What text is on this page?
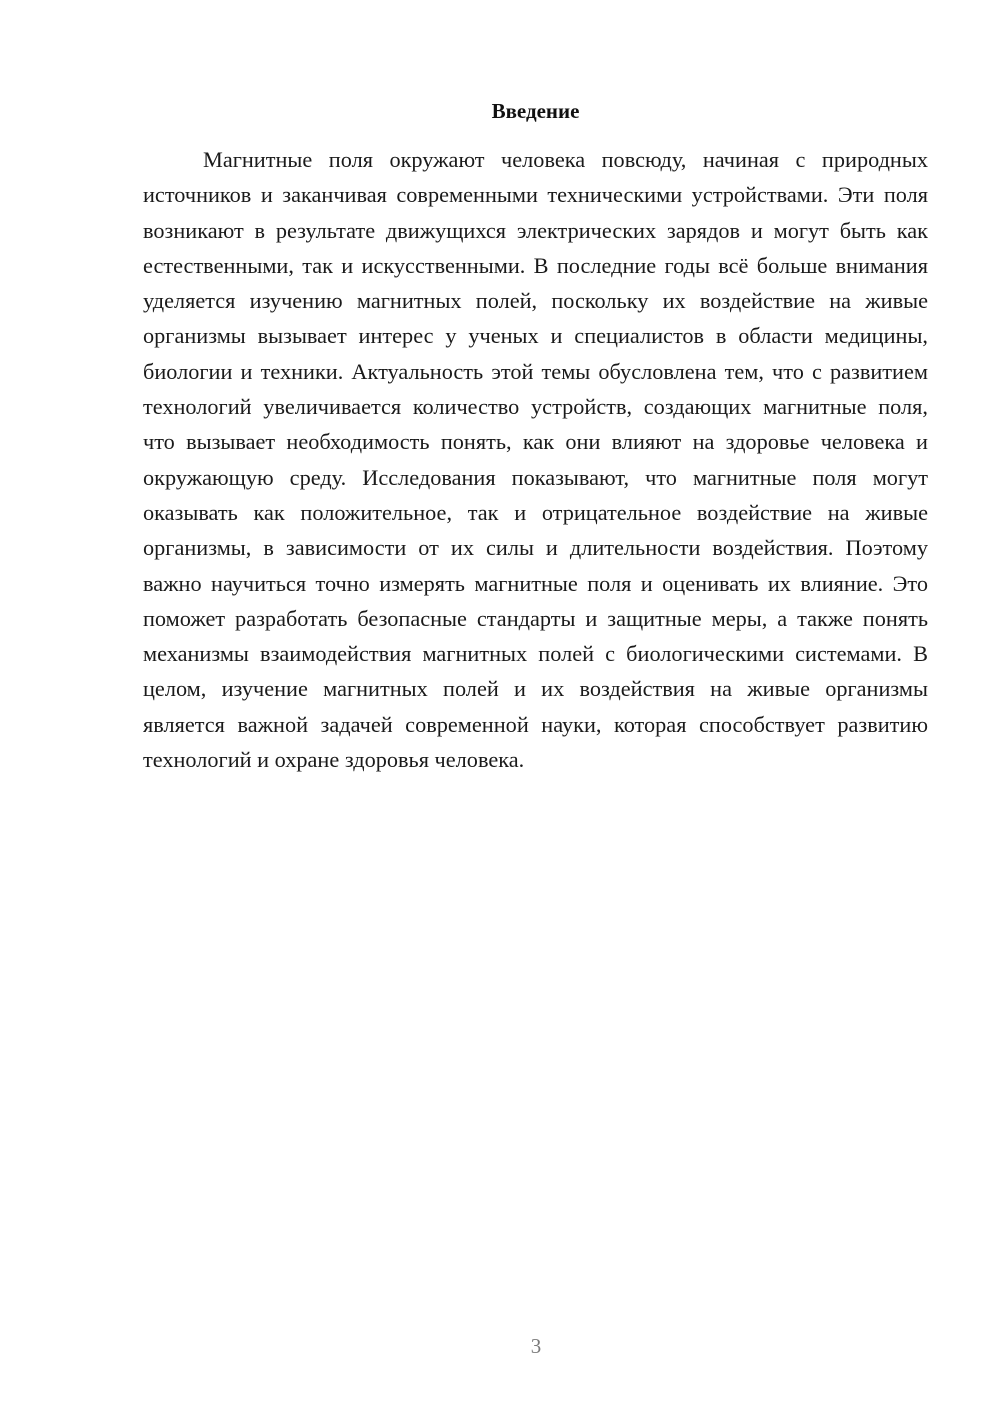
Введение

Магнитные поля окружают человека повсюду, начиная с природных источников и заканчивая современными техническими устройствами. Эти поля возникают в результате движущихся электрических зарядов и могут быть как естественными, так и искусственными. В последние годы всё больше внимания уделяется изучению магнитных полей, поскольку их воздействие на живые организмы вызывает интерес у ученых и специалистов в области медицины, биологии и техники. Актуальность этой темы обусловлена тем, что с развитием технологий увеличивается количество устройств, создающих магнитные поля, что вызывает необходимость понять, как они влияют на здоровье человека и окружающую среду. Исследования показывают, что магнитные поля могут оказывать как положительное, так и отрицательное воздействие на живые организмы, в зависимости от их силы и длительности воздействия. Поэтому важно научиться точно измерять магнитные поля и оценивать их влияние. Это поможет разработать безопасные стандарты и защитные меры, а также понять механизмы взаимодействия магнитных полей с биологическими системами. В целом, изучение магнитных полей и их воздействия на живые организмы является важной задачей современной науки, которая способствует развитию технологий и охране здоровья человека.

3
